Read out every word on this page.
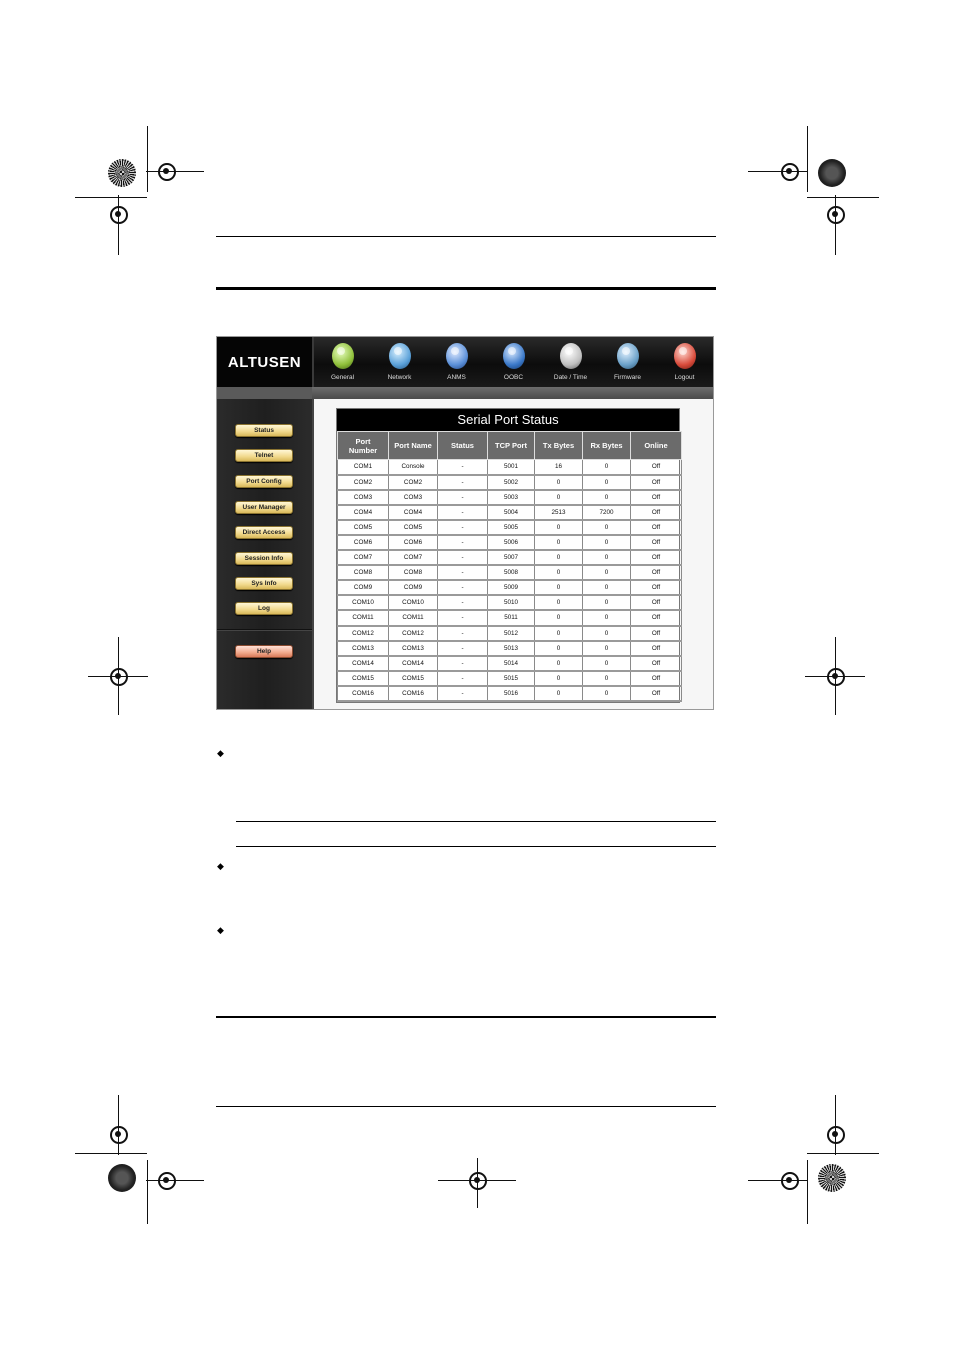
ALTUSEN
General	Network	ANMS	OOBC	Date / Time	Firmware	Logout
Status
Telnet
Port Config
User Manager
Direct Access
Session Info
Sys Info
Log
Help
Serial Port Status
Port
Number	Port Name	Status	TCP Port	Tx Bytes	Rx Bytes	Online
COM1	Console	-	5001	16	0	Off
COM2	COM2	-	5002	0	0	Off
COM3	COM3	-	5003	0	0	Off
COM4	COM4	-	5004	2513	7200	Off
COM5	COM5	-	5005	0	0	Off
COM6	COM6	-	5006	0	0	Off
COM7	COM7	-	5007	0	0	Off
COM8	COM8	-	5008	0	0	Off
COM9	COM9	-	5009	0	0	Off
COM10	COM10	-	5010	0	0	Off
COM11	COM11	-	5011	0	0	Off
COM12	COM12	-	5012	0	0	Off
COM13	COM13	-	5013	0	0	Off
COM14	COM14	-	5014	0	0	Off
COM15	COM15	-	5015	0	0	Off
COM16	COM16	-	5016	0	0	Off
◆
◆
◆
